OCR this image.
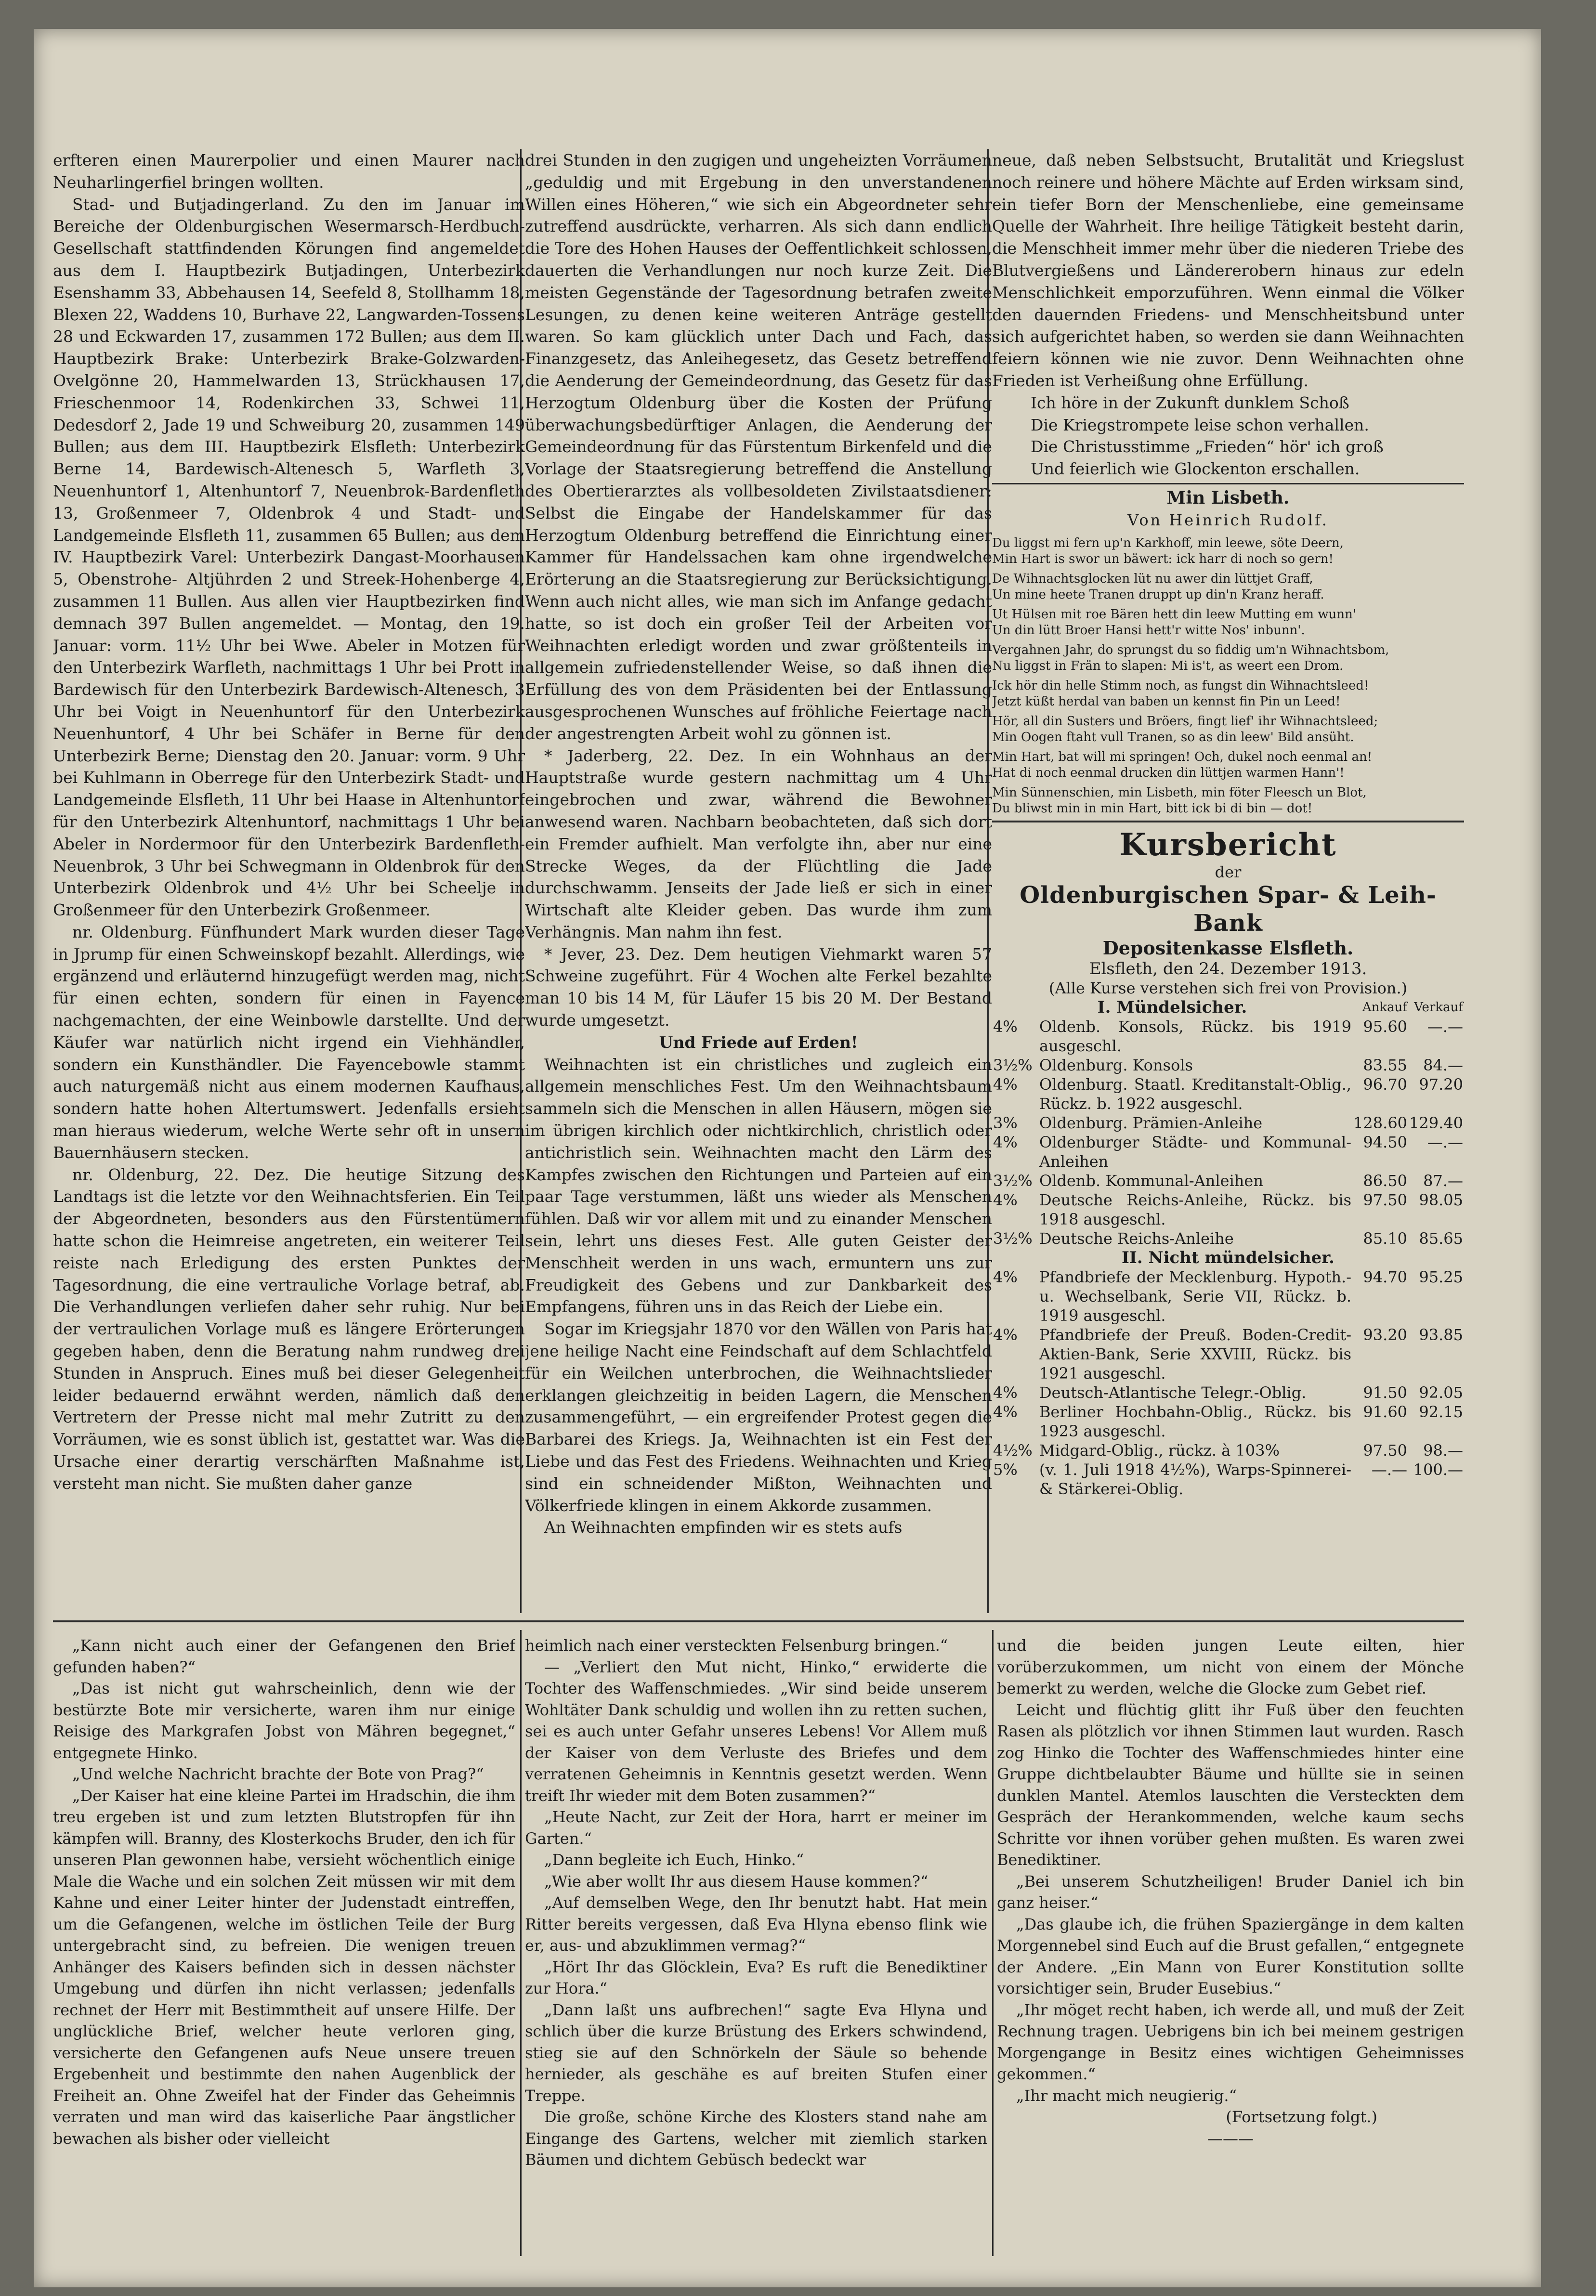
erfteren einen Maurerpolier und einen Maurer nach Neuharlingerfiel bringen wollten.

Stad- und Butjadingerland. Zu den im Januar im Bereiche der Oldenburgischen Wesermarsch-Herdbuch-Gesellschaft stattfindenden Körungen find angemeldet aus dem I. Hauptbezirk Butjadingen, Unterbezirk Esenshamm 33, Abbehausen 14, Seefeld 8, Stollhamm 18, Blexen 22, Waddens 10, Burhave 22, Langwarden-Tossens 28 und Eckwarden 17, zusammen 172 Bullen; aus dem II. Hauptbezirk Brake: Unterbezirk Brake-Golzwarden-Ovelgönne 20, Hammelwarden 13, Strückhausen 17, Frieschenmoor 14, Rodenkirchen 33, Schwei 11, Dedesdorf 2, Jade 19 und Schweiburg 20, zusammen 149 Bullen; aus dem III. Hauptbezirk Elsfleth: Unterbezirk Berne 14, Bardewisch-Altenesch 5, Warfleth 3, Neuenhuntorf 1, Altenhuntorf 7, Neuenbrok-Bardenfleth 13, Großenmeer 7, Oldenbrok 4 und Stadt- und Landgemeinde Elsfleth 11, zusammen 65 Bullen; aus dem IV. Hauptbezirk Varel: Unterbezirk Dangast-Moorhausen 5, Obenstrohe- Altjührden 2 und Streek-Hohenberge 4, zusammen 11 Bullen. Aus allen vier Hauptbezirken find demnach 397 Bullen angemeldet. — Montag, den 19. Januar: vorm. 11½ Uhr bei Wwe. Abeler in Motzen für den Unterbezirk Warfleth, nachmittags 1 Uhr bei Prott in Bardewisch für den Unterbezirk Bardewisch-Altenesch, 3 Uhr bei Voigt in Neuenhuntorf für den Unterbezirk Neuenhuntorf, 4 Uhr bei Schäfer in Berne für den Unterbezirk Berne; Dienstag den 20. Januar: vorm. 9 Uhr bei Kuhlmann in Oberrege für den Unterbezirk Stadt- und Landgemeinde Elsfleth, 11 Uhr bei Haase in Altenhuntorf für den Unterbezirk Altenhuntorf, nachmittags 1 Uhr bei Abeler in Nordermoor für den Unterbezirk Bardenfleth-Neuenbrok, 3 Uhr bei Schwegmann in Oldenbrok für den Unterbezirk Oldenbrok und 4½ Uhr bei Scheelje in Großenmeer für den Unterbezirk Großenmeer.

nr. Oldenburg. Fünfhundert Mark wurden dieser Tage in Jprump für einen Schweinskopf bezahlt. Allerdings, wie ergänzend und erläuternd hinzugefügt werden mag, nicht für einen echten, sondern für einen in Fayence nachgemachten, der eine Weinbowle darstellte. Und der Käufer war natürlich nicht irgend ein Viehhändler, sondern ein Kunsthändler. Die Fayencebowle stammt auch naturgemäß nicht aus einem modernen Kaufhaus, sondern hatte hohen Altertumswert. Jedenfalls ersieht man hieraus wiederum, welche Werte sehr oft in unsern Bauernhäusern stecken.

nr. Oldenburg, 22. Dez. Die heutige Sitzung des Landtags ist die letzte vor den Weihnachtsferien. Ein Teil der Abgeordneten, besonders aus den Fürstentümern hatte schon die Heimreise angetreten, ein weiterer Teil reiste nach Erledigung des ersten Punktes der Tagesordnung, die eine vertrauliche Vorlage betraf, ab. Die Verhandlungen verliefen daher sehr ruhig. Nur bei der vertraulichen Vorlage muß es längere Erörterungen gegeben haben, denn die Beratung nahm rundweg drei Stunden in Anspruch. Eines muß bei dieser Gelegenheit leider bedauernd erwähnt werden, nämlich daß den Vertretern der Presse nicht mal mehr Zutritt zu den Vorräumen, wie es sonst üblich ist, gestattet war. Was die Ursache einer derartig verschärften Maßnahme ist, versteht man nicht. Sie mußten daher ganze

drei Stunden in den zugigen und ungeheizten Vorräumen „geduldig und mit Ergebung in den unverstandenen Willen eines Höheren,“ wie sich ein Abgeordneter sehr zutreffend ausdrückte, verharren. Als sich dann endlich die Tore des Hohen Hauses der Oeffentlichkeit schlossen, dauerten die Verhandlungen nur noch kurze Zeit. Die meisten Gegenstände der Tagesordnung betrafen zweite Lesungen, zu denen keine weiteren Anträge gestellt waren. So kam glücklich unter Dach und Fach, das Finanzgesetz, das Anleihegesetz, das Gesetz betreffend die Aenderung der Gemeindeordnung, das Gesetz für das Herzogtum Oldenburg über die Kosten der Prüfung überwachungsbedürftiger Anlagen, die Aenderung der Gemeindeordnung für das Fürstentum Birkenfeld und die Vorlage der Staatsregierung betreffend die Anstellung des Obertierarztes als vollbesoldeten Zivilstaatsdiener: Selbst die Eingabe der Handelskammer für das Herzogtum Oldenburg betreffend die Einrichtung einer Kammer für Handelssachen kam ohne irgendwelche Erörterung an die Staatsregierung zur Berücksichtigung. Wenn auch nicht alles, wie man sich im Anfange gedacht hatte, so ist doch ein großer Teil der Arbeiten vor Weihnachten erledigt worden und zwar größtenteils in allgemein zufriedenstellender Weise, so daß ihnen die Erfüllung des von dem Präsidenten bei der Entlassung ausgesprochenen Wunsches auf fröhliche Feiertage nach der angestrengten Arbeit wohl zu gönnen ist.

* Jaderberg, 22. Dez. In ein Wohnhaus an der Hauptstraße wurde gestern nachmittag um 4 Uhr eingebrochen und zwar, während die Bewohner anwesend waren. Nachbarn beobachteten, daß sich dort ein Fremder aufhielt. Man verfolgte ihn, aber nur eine Strecke Weges, da der Flüchtling die Jade durchschwamm. Jenseits der Jade ließ er sich in einer Wirtschaft alte Kleider geben. Das wurde ihm zum Verhängnis. Man nahm ihn fest.

* Jever, 23. Dez. Dem heutigen Viehmarkt waren 57 Schweine zugeführt. Für 4 Wochen alte Ferkel bezahlte man 10 bis 14 M, für Läufer 15 bis 20 M. Der Bestand wurde umgesetzt.

Und Friede auf Erden!

Weihnachten ist ein christliches und zugleich ein allgemein menschliches Fest. Um den Weihnachtsbaum sammeln sich die Menschen in allen Häusern, mögen sie im übrigen kirchlich oder nichtkirchlich, christlich oder antichristlich sein. Weihnachten macht den Lärm des Kampfes zwischen den Richtungen und Parteien auf ein paar Tage verstummen, läßt uns wieder als Menschen fühlen. Daß wir vor allem mit und zu einander Menschen sein, lehrt uns dieses Fest. Alle guten Geister der Menschheit werden in uns wach, ermuntern uns zur Freudigkeit des Gebens und zur Dankbarkeit des Empfangens, führen uns in das Reich der Liebe ein.

Sogar im Kriegsjahr 1870 vor den Wällen von Paris hat jene heilige Nacht eine Feindschaft auf dem Schlachtfeld für ein Weilchen unterbrochen, die Weihnachtslieder erklangen gleichzeitig in beiden Lagern, die Menschen zusammengeführt, — ein ergreifender Protest gegen die Barbarei des Kriegs. Ja, Weihnachten ist ein Fest der Liebe und das Fest des Friedens. Weihnachten und Krieg sind ein schneidender Mißton, Weihnachten und Völkerfriede klingen in einem Akkorde zusammen.

An Weihnachten empfinden wir es stets aufs

neue, daß neben Selbstsucht, Brutalität und Kriegslust noch reinere und höhere Mächte auf Erden wirksam sind, ein tiefer Born der Menschenliebe, eine gemeinsame Quelle der Wahrheit. Ihre heilige Tätigkeit besteht darin, die Menschheit immer mehr über die niederen Triebe des Blutvergießens und Ländererobern hinaus zur edeln Menschlichkeit emporzuführen. Wenn einmal die Völker den dauernden Friedens- und Menschheitsbund unter sich aufgerichtet haben, so werden sie dann Weihnachten feiern können wie nie zuvor. Denn Weihnachten ohne Frieden ist Verheißung ohne Erfüllung.

Ich höre in der Zukunft dunklem Schoß
Die Kriegstrompete leise schon verhallen.
Die Christusstimme „Frieden“ hör' ich groß
Und feierlich wie Glockenton erschallen.
Min Lisbeth.
Von Heinrich Rudolf.
Du liggst mi fern up'n Karkhoff, min leewe, söte Deern,
Min Hart is swor un bäwert: ick harr di noch so gern!
De Wihnachtsglocken lüt nu awer din lüttjet Graff,
Un mine heete Tranen druppt up din'n Kranz heraff.
Ut Hülsen mit roe Bären hett din leew Mutting em wunn'
Un din lütt Broer Hansi hett'r witte Nos' inbunn'.
Vergahnen Jahr, do sprungst du so fiddig um'n Wihnachtsbom,
Nu liggst in Frän to slapen: Mi is't, as weert een Drom.
Ick hör din helle Stimm noch, as fungst din Wihnachtsleed!
Jetzt küßt herdal van baben un kennst fin Pin un Leed!
Hör, all din Susters und Bröers, fingt lief' ihr Wihnachtsleed;
Min Oogen ftaht vull Tranen, so as din leew' Bild ansüht.
Min Hart, bat will mi springen! Och, dukel noch eenmal an!
Hat di noch eenmal drucken din lüttjen warmen Hann'!
Min Sünnenschien, min Lisbeth, min föter Fleesch un Blot,
Du bliwst min in min Hart, bitt ick bi di bin — dot!
Kursbericht
der
Oldenburgischen Spar- & Leih-Bank
Depositenkasse Elsfleth.
Elsfleth, den 24. Dezember 1913.
(Alle Kurse verstehen sich frei von Provision.)
I. Mündelsicher.		Ankauf	Verkauf
4%	Oldenb. Konsols, Rückz. bis 1919 ausgeschl.	95.60	—.—
3½%	Oldenburg. Konsols	83.55	84.—
4%	Oldenburg. Staatl. Kreditanstalt-Oblig., Rückz. b. 1922 ausgeschl.	96.70	97.20
3%	Oldenburg. Prämien-Anleihe	128.60	129.40
4%	Oldenburger Städte- und Kommunal-Anleihen	94.50	—.—
3½%	Oldenb. Kommunal-Anleihen	86.50	87.—
4%	Deutsche Reichs-Anleihe, Rückz. bis 1918 ausgeschl.	97.50	98.05
3½%	Deutsche Reichs-Anleihe	85.10	85.65
II. Nicht mündelsicher.			
4%	Pfandbriefe der Mecklenburg. Hypoth.- u. Wechselbank, Serie VII, Rückz. b. 1919 ausgeschl.	94.70	95.25
4%	Pfandbriefe der Preuß. Boden-Credit-Aktien-Bank, Serie XXVIII, Rückz. bis 1921 ausgeschl.	93.20	93.85
4%	Deutsch-Atlantische Telegr.-Oblig.	91.50	92.05
4%	Berliner Hochbahn-Oblig., Rückz. bis 1923 ausgeschl.	91.60	92.15
4½%	Midgard-Oblig., rückz. à 103%	97.50	98.—
5%	(v. 1. Juli 1918 4½%), Warps-Spinnerei- & Stärkerei-Oblig.	—.—	100.—

„Kann nicht auch einer der Gefangenen den Brief gefunden haben?“

„Das ist nicht gut wahrscheinlich, denn wie der bestürzte Bote mir versicherte, waren ihm nur einige Reisige des Markgrafen Jobst von Mähren begegnet,“ entgegnete Hinko.

„Und welche Nachricht brachte der Bote von Prag?“

„Der Kaiser hat eine kleine Partei im Hradschin, die ihm treu ergeben ist und zum letzten Blutstropfen für ihn kämpfen will. Branny, des Klosterkochs Bruder, den ich für unseren Plan gewonnen habe, versieht wöchentlich einige Male die Wache und ein solchen Zeit müssen wir mit dem Kahne und einer Leiter hinter der Judenstadt eintreffen, um die Gefangenen, welche im östlichen Teile der Burg untergebracht sind, zu befreien. Die wenigen treuen Anhänger des Kaisers befinden sich in dessen nächster Umgebung und dürfen ihn nicht verlassen; jedenfalls rechnet der Herr mit Bestimmtheit auf unsere Hilfe. Der unglückliche Brief, welcher heute verloren ging, versicherte den Gefangenen aufs Neue unsere treuen Ergebenheit und bestimmte den nahen Augenblick der Freiheit an. Ohne Zweifel hat der Finder das Geheimnis verraten und man wird das kaiserliche Paar ängstlicher bewachen als bisher oder vielleicht

heimlich nach einer versteckten Felsenburg bringen.“

— „Verliert den Mut nicht, Hinko,“ erwiderte die Tochter des Waffenschmiedes. „Wir sind beide unserem Wohltäter Dank schuldig und wollen ihn zu retten suchen, sei es auch unter Gefahr unseres Lebens! Vor Allem muß der Kaiser von dem Verluste des Briefes und dem verratenen Geheimnis in Kenntnis gesetzt werden. Wenn treift Ihr wieder mit dem Boten zusammen?“

„Heute Nacht, zur Zeit der Hora, harrt er meiner im Garten.“

„Dann begleite ich Euch, Hinko.“

„Wie aber wollt Ihr aus diesem Hause kommen?“

„Auf demselben Wege, den Ihr benutzt habt. Hat mein Ritter bereits vergessen, daß Eva Hlyna ebenso flink wie er, aus- und abzuklimmen vermag?“

„Hört Ihr das Glöcklein, Eva? Es ruft die Benediktiner zur Hora.“

„Dann laßt uns aufbrechen!“ sagte Eva Hlyna und schlich über die kurze Brüstung des Erkers schwindend, stieg sie auf den Schnörkeln der Säule so behende hernieder, als geschähe es auf breiten Stufen einer Treppe.

Die große, schöne Kirche des Klosters stand nahe am Eingange des Gartens, welcher mit ziemlich starken Bäumen und dichtem Gebüsch bedeckt war

und die beiden jungen Leute eilten, hier vorüberzukommen, um nicht von einem der Mönche bemerkt zu werden, welche die Glocke zum Gebet rief.

Leicht und flüchtig glitt ihr Fuß über den feuchten Rasen als plötzlich vor ihnen Stimmen laut wurden. Rasch zog Hinko die Tochter des Waffenschmiedes hinter eine Gruppe dichtbelaubter Bäume und hüllte sie in seinen dunklen Mantel. Atemlos lauschten die Versteckten dem Gespräch der Herankommenden, welche kaum sechs Schritte vor ihnen vorüber gehen mußten. Es waren zwei Benediktiner.

„Bei unserem Schutzheiligen! Bruder Daniel ich bin ganz heiser.“

„Das glaube ich, die frühen Spaziergänge in dem kalten Morgennebel sind Euch auf die Brust gefallen,“ entgegnete der Andere. „Ein Mann von Eurer Konstitution sollte vorsichtiger sein, Bruder Eusebius.“

„Ihr möget recht haben, ich werde all, und muß der Zeit Rechnung tragen. Uebrigens bin ich bei meinem gestrigen Morgengange in Besitz eines wichtigen Geheimnisses gekommen.“

„Ihr macht mich neugierig.“

(Fortsetzung folgt.)

———
